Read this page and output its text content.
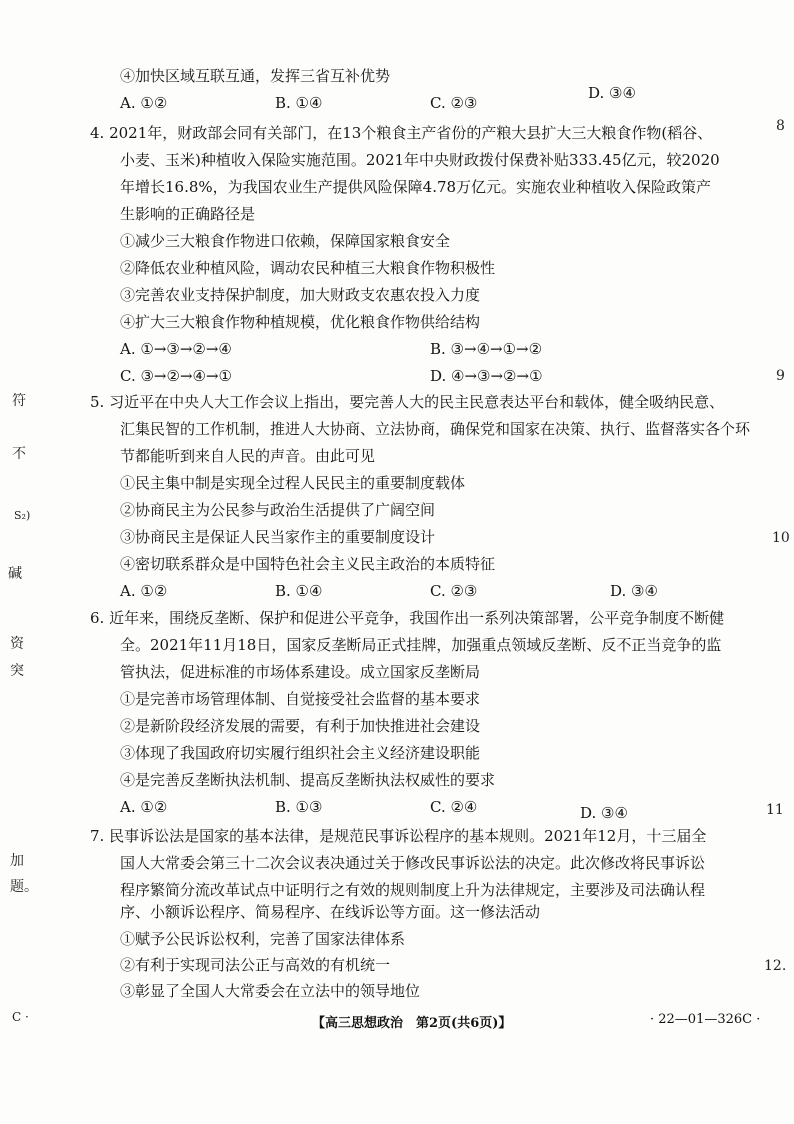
④加快区域互联互通，发挥三省互补优势
A. ①②	B. ①④	C. ②③
D. ③④
4. 2021年，财政部会同有关部门，在13个粮食主产省份的产粮大县扩大三大粮食作物(稻谷、
小麦、玉米)种植收入保险实施范围。2021年中央财政拨付保费补贴333.45亿元，较2020
年增长16.8%，为我国农业生产提供风险保障4.78万亿元。实施农业种植收入保险政策产
生影响的正确路径是
①减少三大粮食作物进口依赖，保障国家粮食安全
②降低农业种植风险，调动农民种植三大粮食作物积极性
③完善农业支持保护制度，加大财政支农惠农投入力度
④扩大三大粮食作物种植规模，优化粮食作物供给结构
A. ①→③→②→④	B. ③→④→①→②
C. ③→②→④→①	D. ④→③→②→①
5. 习近平在中央人大工作会议上指出，要完善人大的民主民意表达平台和载体，健全吸纳民意、
汇集民智的工作机制，推进人大协商、立法协商，确保党和国家在决策、执行、监督落实各个环
节都能听到来自人民的声音。由此可见
①民主集中制是实现全过程人民民主的重要制度载体
②协商民主为公民参与政治生活提供了广阔空间
③协商民主是保证人民当家作主的重要制度设计
④密切联系群众是中国特色社会主义民主政治的本质特征
A. ①②	B. ①④	C. ②③	D. ③④
6. 近年来，围绕反垄断、保护和促进公平竞争，我国作出一系列决策部署，公平竞争制度不断健
全。2021年11月18日，国家反垄断局正式挂牌，加强重点领域反垄断、反不正当竞争的监
管执法，促进标准的市场体系建设。成立国家反垄断局
①是完善市场管理体制、自觉接受社会监督的基本要求
②是新阶段经济发展的需要，有利于加快推进社会建设
③体现了我国政府切实履行组织社会主义经济建设职能
④是完善反垄断执法机制、提高反垄断执法权威性的要求
A. ①②	B. ①③	C. ②④	D. ③④
7. 民事诉讼法是国家的基本法律，是规范民事诉讼程序的基本规则。2021年12月，十三届全
国人大常委会第三十二次会议表决通过关于修改民事诉讼法的决定。此次修改将民事诉讼
程序繁简分流改革试点中证明行之有效的规则制度上升为法律规定，主要涉及司法确认程
序、小额诉讼程序、简易程序、在线诉讼等方面。这一修法活动
①赋予公民诉讼权利，完善了国家法律体系
②有利于实现司法公正与高效的有机统一
③彰显了全国人大常委会在立法中的领导地位
【高三思想政治　第2页(共6页)】	· 22—01—326C ·
符
不
S₂)
碱
资
突
加
题。
C ·
8
9
10
11
12.
